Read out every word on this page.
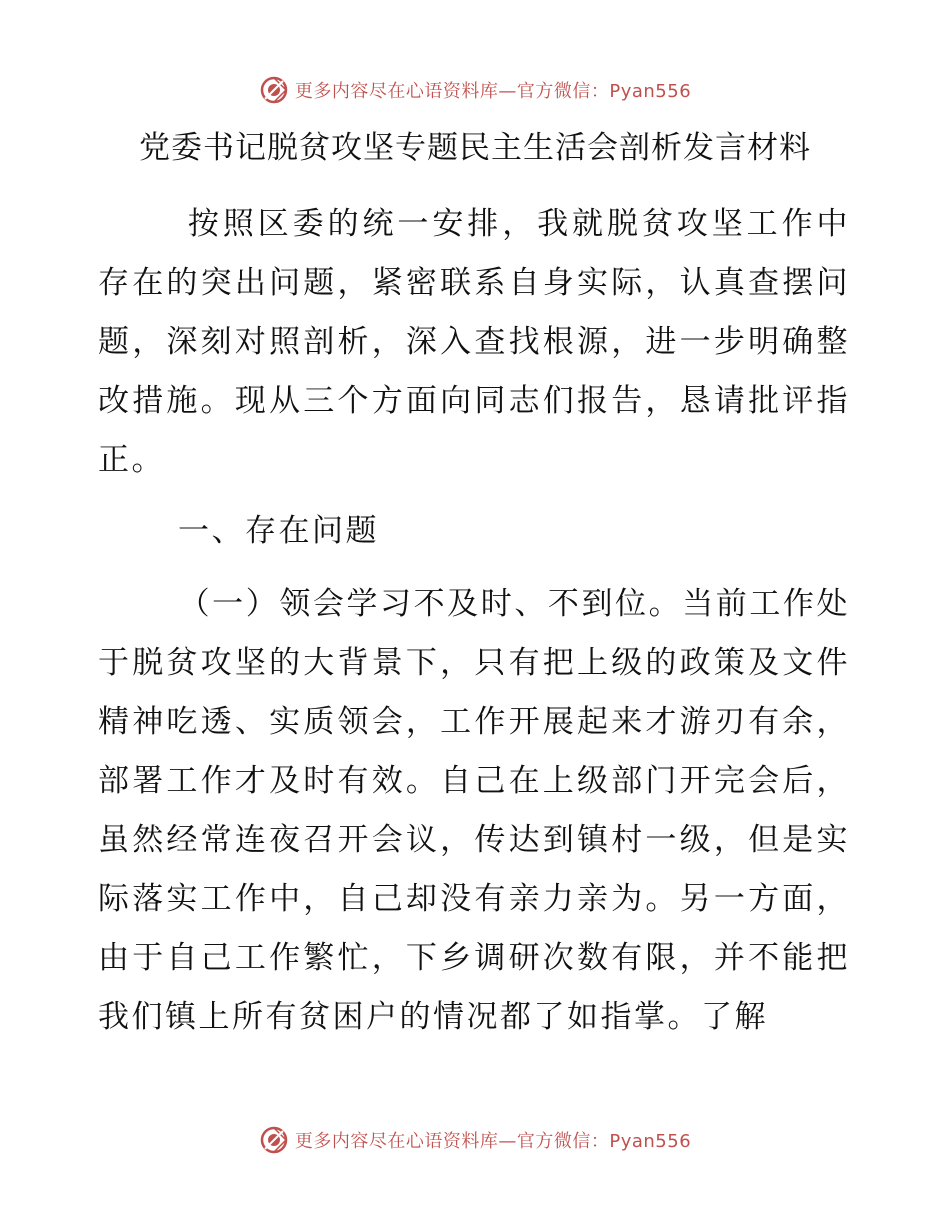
更多内容尽在心语资料库—官方微信：Pyan556
党委书记脱贫攻坚专题民主生活会剖析发言材料

按照区委的统一安排，我就脱贫攻坚工作中存在的突出问题，紧密联系自身实际，认真查摆问题，深刻对照剖析，深入查找根源，进一步明确整改措施。现从三个方面向同志们报告，恳请批评指正。

一、存在问题

（一）领会学习不及时、不到位。当前工作处于脱贫攻坚的大背景下，只有把上级的政策及文件精神吃透、实质领会，工作开展起来才游刃有余，部署工作才及时有效。自己在上级部门开完会后，虽然经常连夜召开会议，传达到镇村一级，但是实际落实工作中，自己却没有亲力亲为。另一方面，由于自己工作繁忙，下乡调研次数有限，并不能把我们镇上所有贫困户的情况都了如指掌。了解

更多内容尽在心语资料库—官方微信：Pyan556
